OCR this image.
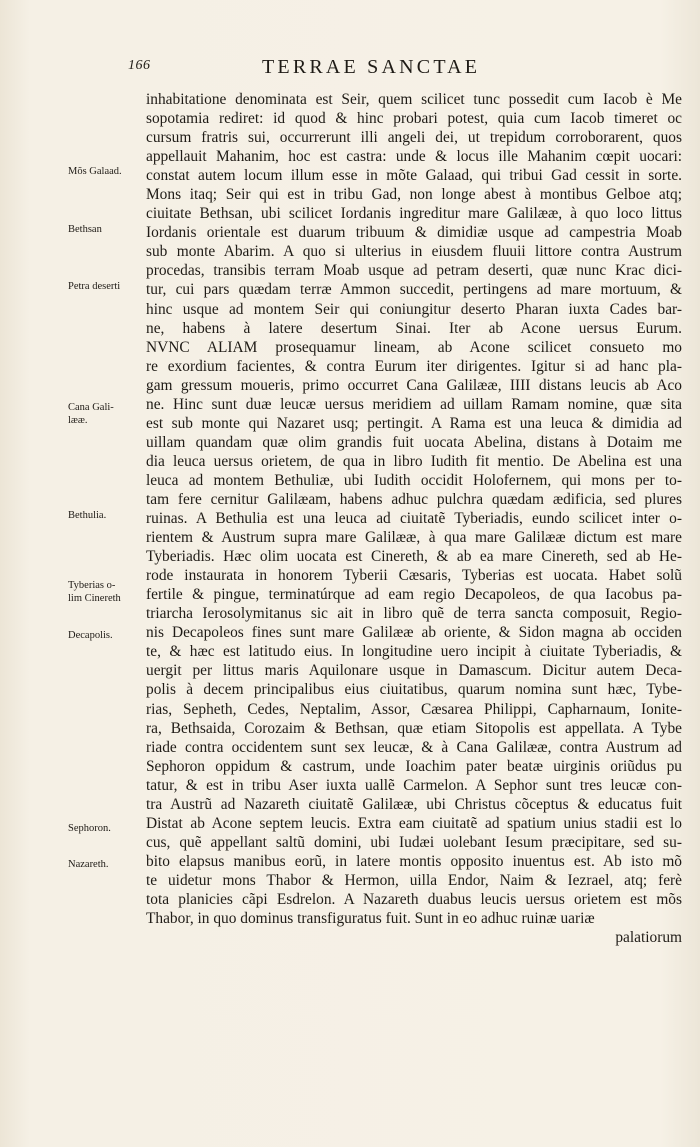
166	TERRAE SANCTAE
Mõs Galaad.
Bethsan
Petra deserti
Cana Gali-
lææ.
Bethulia.
Tyberias o-
lim Cinereth
Decapolis.
Sephoron.
Nazareth.
inhabitatione denominata est Seir, quem scilicet tunc possedit cum Iacob è Me
sopotamia rediret: id quod & hinc probari potest, quia cum Iacob timeret oc
cursum fratris sui, occurrerunt illi angeli dei, ut trepidum corroborarent, quos
appellauit Mahanim, hoc est castra: unde & locus ille Mahanim cœpit uocari:
constat autem locum illum esse in mõte Galaad, qui tribui Gad cessit in sorte.
Mons itaq; Seir qui est in tribu Gad, non longe abest à montibus Gelboe atq;
ciuitate Bethsan, ubi scilicet Iordanis ingreditur mare Galilææ, à quo loco littus
Iordanis orientale est duarum tribuum & dimidiæ usque ad campestria Moab
sub monte Abarim. A quo si ulterius in eiusdem fluuii littore contra Austrum
procedas, transibis terram Moab usque ad petram deserti, quæ nunc Krac dici-
tur, cui pars quædam terræ Ammon succedit, pertingens ad mare mortuum, &
hinc usque ad montem Seir qui coniungitur deserto Pharan iuxta Cades bar-
ne, habens à latere desertum Sinai. Iter ab Acone uersus Eurum.
NVNC ALIAM prosequamur lineam, ab Acone scilicet consueto mo
re exordium facientes, & contra Eurum iter dirigentes. Igitur si ad hanc pla-
gam gressum moueris, primo occurret Cana Galilææ, IIII distans leucis ab Aco
ne. Hinc sunt duæ leucæ uersus meridiem ad uillam Ramam nomine, quæ sita
est sub monte qui Nazaret usq; pertingit. A Rama est una leuca & dimidia ad
uillam quandam quæ olim grandis fuit uocata Abelina, distans à Dotaim me
dia leuca uersus orietem, de qua in libro Iudith fit mentio. De Abelina est una
leuca ad montem Bethuliæ, ubi Iudith occidit Holofernem, qui mons per to-
tam fere cernitur Galilæam, habens adhuc pulchra quædam ædificia, sed plures
ruinas. A Bethulia est una leuca ad ciuitatẽ Tyberiadis, eundo scilicet inter o-
rientem & Austrum supra mare Galilææ, à qua mare Galilææ dictum est mare
Tyberiadis. Hæc olim uocata est Cinereth, & ab ea mare Cinereth, sed ab He-
rode instaurata in honorem Tyberii Cæsaris, Tyberias est uocata. Habet solũ
fertile & pingue, terminatúrque ad eam regio Decapoleos, de qua Iacobus pa-
triarcha Ierosolymitanus sic ait in libro quẽ de terra sancta composuit, Regio-
nis Decapoleos fines sunt mare Galilææ ab oriente, & Sidon magna ab occiden
te, & hæc est latitudo eius. In longitudine uero incipit à ciuitate Tyberiadis, &
uergit per littus maris Aquilonare usque in Damascum. Dicitur autem Deca-
polis à decem principalibus eius ciuitatibus, quarum nomina sunt hæc, Tybe-
rias, Sepheth, Cedes, Neptalim, Assor, Cæsarea Philippi, Capharnaum, Ionite-
ra, Bethsaida, Corozaim & Bethsan, quæ etiam Sitopolis est appellata. A Tybe
riade contra occidentem sunt sex leucæ, & à Cana Galilææ, contra Austrum ad
Sephoron oppidum & castrum, unde Ioachim pater beatæ uirginis oriũdus pu
tatur, & est in tribu Aser iuxta uallẽ Carmelon. A Sephor sunt tres leucæ con-
tra Austrũ ad Nazareth ciuitatẽ Galilææ, ubi Christus cõceptus & educatus fuit
Distat ab Acone septem leucis. Extra eam ciuitatẽ ad spatium unius stadii est lo
cus, quẽ appellant saltũ domini, ubi Iudæi uolebant Iesum præcipitare, sed su-
bito elapsus manibus eorũ, in latere montis opposito inuentus est. Ab isto mõ
te uidetur mons Thabor & Hermon, uilla Endor, Naim & Iezrael, atq; ferè
tota planicies cãpi Esdrelon. A Nazareth duabus leucis uersus orietem est mõs
Thabor, in quo dominus transfiguratus fuit. Sunt in eo adhuc ruinæ uariæ
palatiorum
